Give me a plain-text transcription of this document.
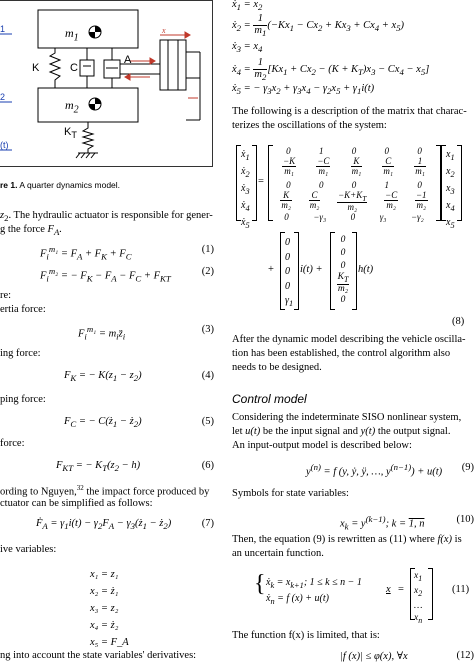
$m_1$
$m_2$
K	C
A
$K_T$
x
1
2
(t)
re 1. A quarter dynamics model.
$z_2$. The hydraulic actuator is responsible for gener-
g the force $F_A$.
$F_i^{m_1} = F_A + F_K + F_C$
(1)
$F_i^{m_2}$ = − $F_K - F_A - F_C + F_{KT}$
(2)
re:
ertia force:
$F_i^{m_1}$ = $m_iz̈_i$
(3)
ing force:
$F_K$ = − $K(z_1 - z_2)$	(4)
ping force:
$F_C$ = − $C(ż_1$ − $ż_2$)	(5)
force:
$F_{KT}$ = − $K_T(z_2 - h)$	(6)
ording to Nguyen,$^{32}$ the impact force produced by
ctuator can be simplified as follows:
Ḟ$_A$ = $\gamma_1i(t) - \gamma_2F_A$ − $\gamma_3(ż_1$ − $ż_2$)	(7)
ive variables:
x₁ = z₁
x₂ = ż₁
x₃ = z₂
x₄ = ż₂
x₅ = F_A
ng into account the state variables' derivatives:
ẋ$_1$ = $x_2$
ẋ$_2$ = $\frac{1}{m_1} (-Kx_1 - Cx_2 + Kx_3 + Cx_4 + x_5)$
ẋ$_3$ = $x_4$
ẋ$_4$ = $\frac{1}{m_2} [Kx_1 + Cx_2 - (K + K_T)x_3 - Cx_4 - x_5]$
ẋ$_5$ = − $\gamma_3x_2 + \gamma_3x_4 - \gamma_2x_5 + \gamma_1i(t)$
The following is a description of the matrix that charac-
terizes the oscillations of the system:
ẋ$_1$
ẋ$_2$
ẋ$_3$
ẋ$_4$
ẋ$_5$
=
0	1	0	0	0
$\frac{-K}{\text{m₁}} \frac{-C}{\text{m₁}} \frac{K}{\text{m₁}} \frac{C}{\text{m₁}} \frac{1}{\text{m₁}}$
0	0	0	1	0
$\frac{K}{\text{m₂}} \frac{C}{\text{m₂}} \frac{-K+K_T}{\text{m₂}} \frac{-C}{\text{m₂}} \frac{-1}{\text{m₂}}$
0	−γ₃	0	γ₃	−γ₂
$x_1$
$x_2$
$x_3$
$x_4$
$x_5$
+
0
0
0
0
$\gamma_1$
i(t) +
0
0
0

$\frac{K_T}{\text{m₂}}$

0
h(t)
(8)
After the dynamic model describing the vehicle oscilla-
tion has been established, the control algorithm also
needs to be designed.
Control model
Considering the indeterminate SISO nonlinear system,
let u(t) be the input signal and y(t) the output signal.
An input-output model is described below:
$y^{(n)} = f$ (y, ẏ, ÿ, …, $y^{(n-1)}) + u(t)$ (9)
Symbols for state variables:
$x_k = y^{(k-1)}$; k = 1, n	(10)
Then, the equation (9) is rewritten as (11) where f(x) is
an uncertain function.
{ ẋ$_k$ = $x_{k+1}$; 1 ≤ k ≤ n − 1
ẋ$_n$ = f (x) + u(t)
x =
$x_1$
$x_2$
…
$x_n$
(11)
The function f(x) is limited, that is:
|f (x)| ≤ φ(x), ∀x	(12)
